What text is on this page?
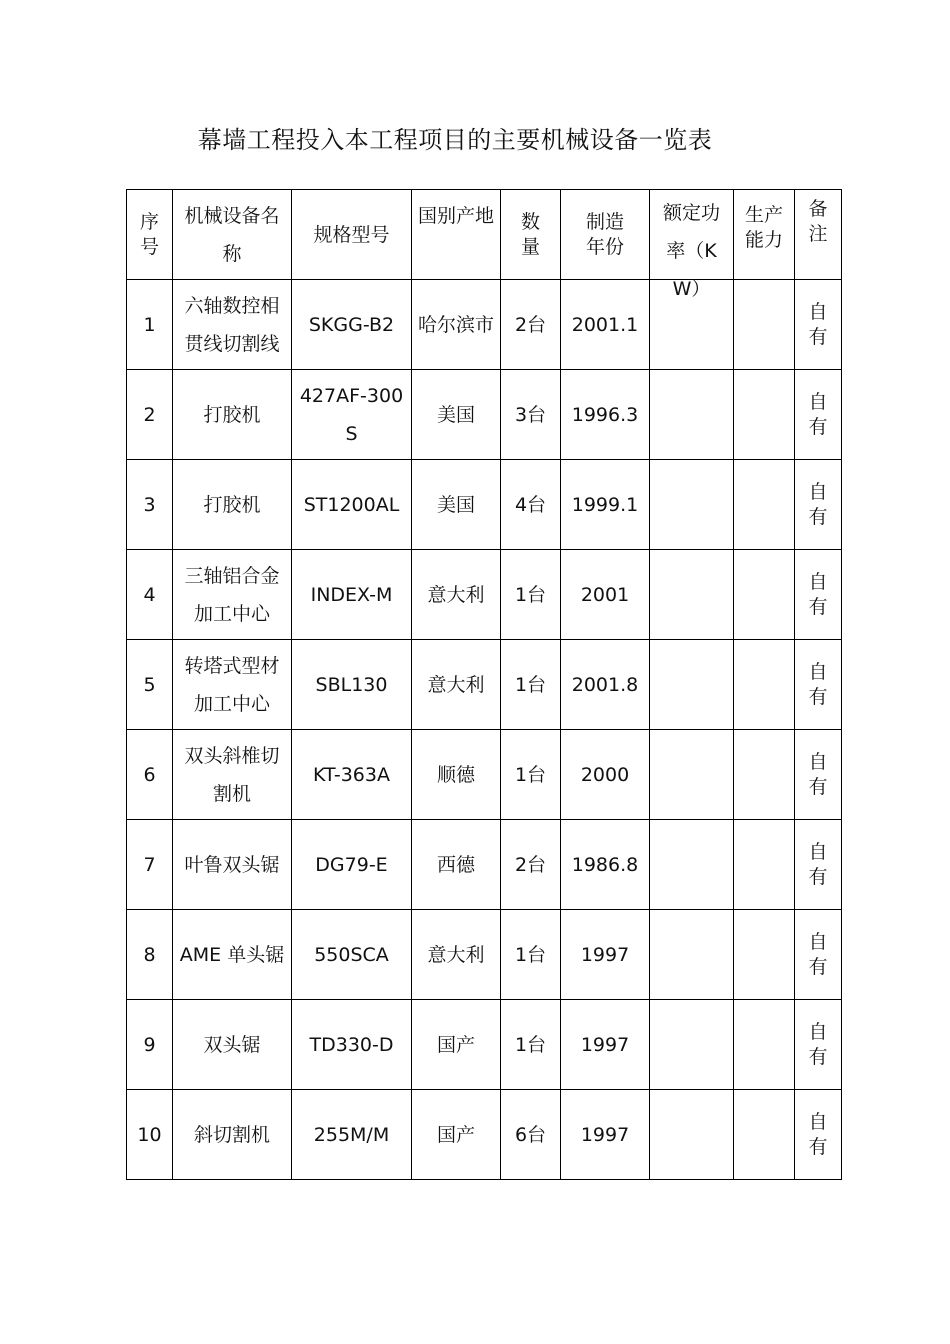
幕墙工程投入本工程项目的主要机械设备一览表
序号	机械设备名称	规格型号	国别产地	数量	制造年份	额定功率（KW）	生产能力	备注

1	六轴数控相贯线切割线	SKGG-B2	哈尔滨市	2台	2001.1			自有

2	打胶机	427AF-300S	美国	3台	1996.3			自有

3	打胶机	ST1200AL	美国	4台	1999.1			自有

4	三轴铝合金加工中心	INDEX-M	意大利	1台	2001			自有

5	转塔式型材加工中心	SBL130	意大利	1台	2001.8			自有

6	双头斜椎切割机	KT-363A	顺德	1台	2000			自有

7	叶鲁双头锯	DG79-E	西德	2台	1986.8			自有

8	AME 单头锯	550SCA	意大利	1台	1997			自有

9	双头锯	TD330-D	国产	1台	1997			自有

10	斜切割机	255M/M	国产	6台	1997			自有
